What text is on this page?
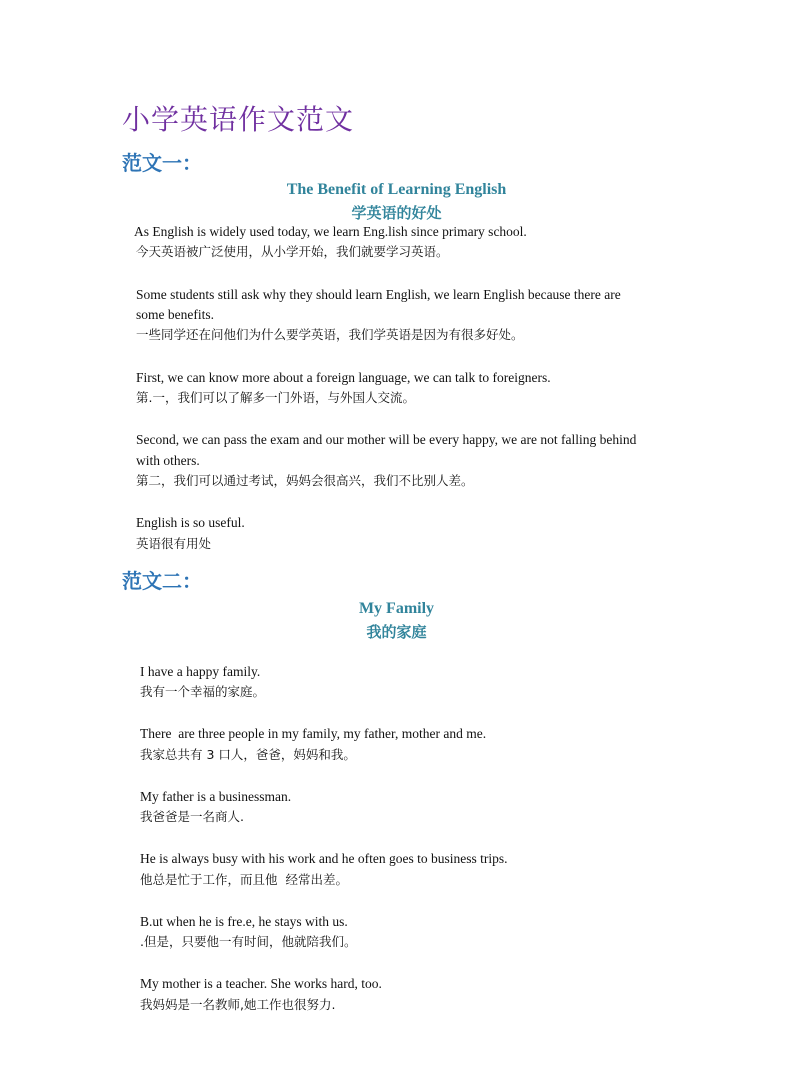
小学英语作文范文
范文一：
The Benefit of Learning English
学英语的好处
As English is widely used today, we learn Eng.lish since primary school.
今天英语被广泛使用，从小学开始，我们就要学习英语。
Some students still ask why they should learn English, we learn English because there are
some benefits.
一些同学还在问他们为什么要学英语，我们学英语是因为有很多好处。
First, we can know more about a foreign language, we can talk to foreigners.
第.一，我们可以了解多一门外语，与外国人交流。
Second, we can pass the exam and our mother will be every happy, we are not falling behind
with others.
第二，我们可以通过考试，妈妈会很高兴，我们不比别人差。
English is so useful.
英语很有用处
范文二：
My Family
我的家庭
I have a happy family.
我有一个幸福的家庭。
There  are three people in my family, my father, mother and me.
我家总共有 3 口人，爸爸，妈妈和我。
My father is a businessman.
我爸爸是一名商人.
He is always busy with his work and he often goes to business trips.
他总是忙于工作，而且他  经常出差。
B.ut when he is fre.e, he stays with us.
.但是，只要他一有时间，他就陪我们。
My mother is a teacher. She works hard, too.
我妈妈是一名教师,她工作也很努力.
